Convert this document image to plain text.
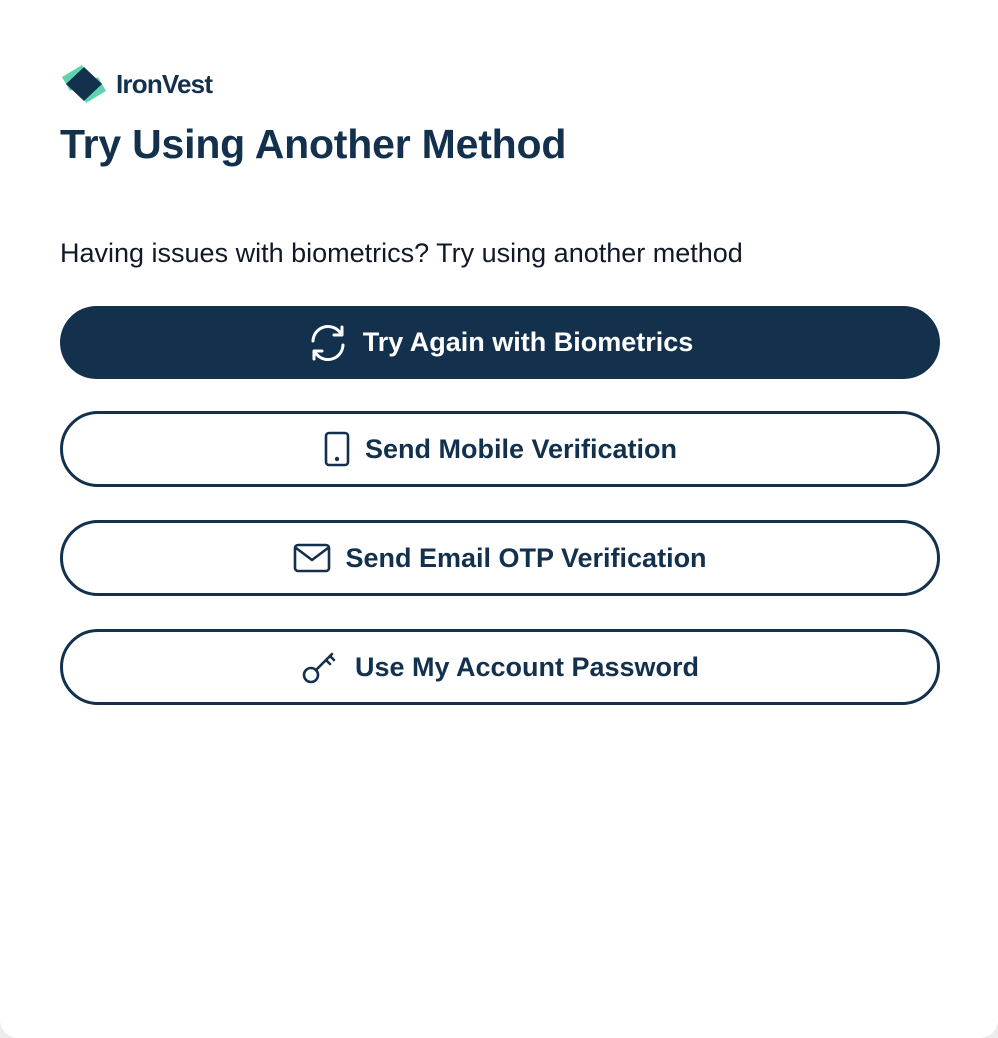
IronVest
Try Using Another Method

Having issues with biometrics? Try using another method

Try Again with Biometrics
Send Mobile Verification
Send Email OTP Verification
Use My Account Password
